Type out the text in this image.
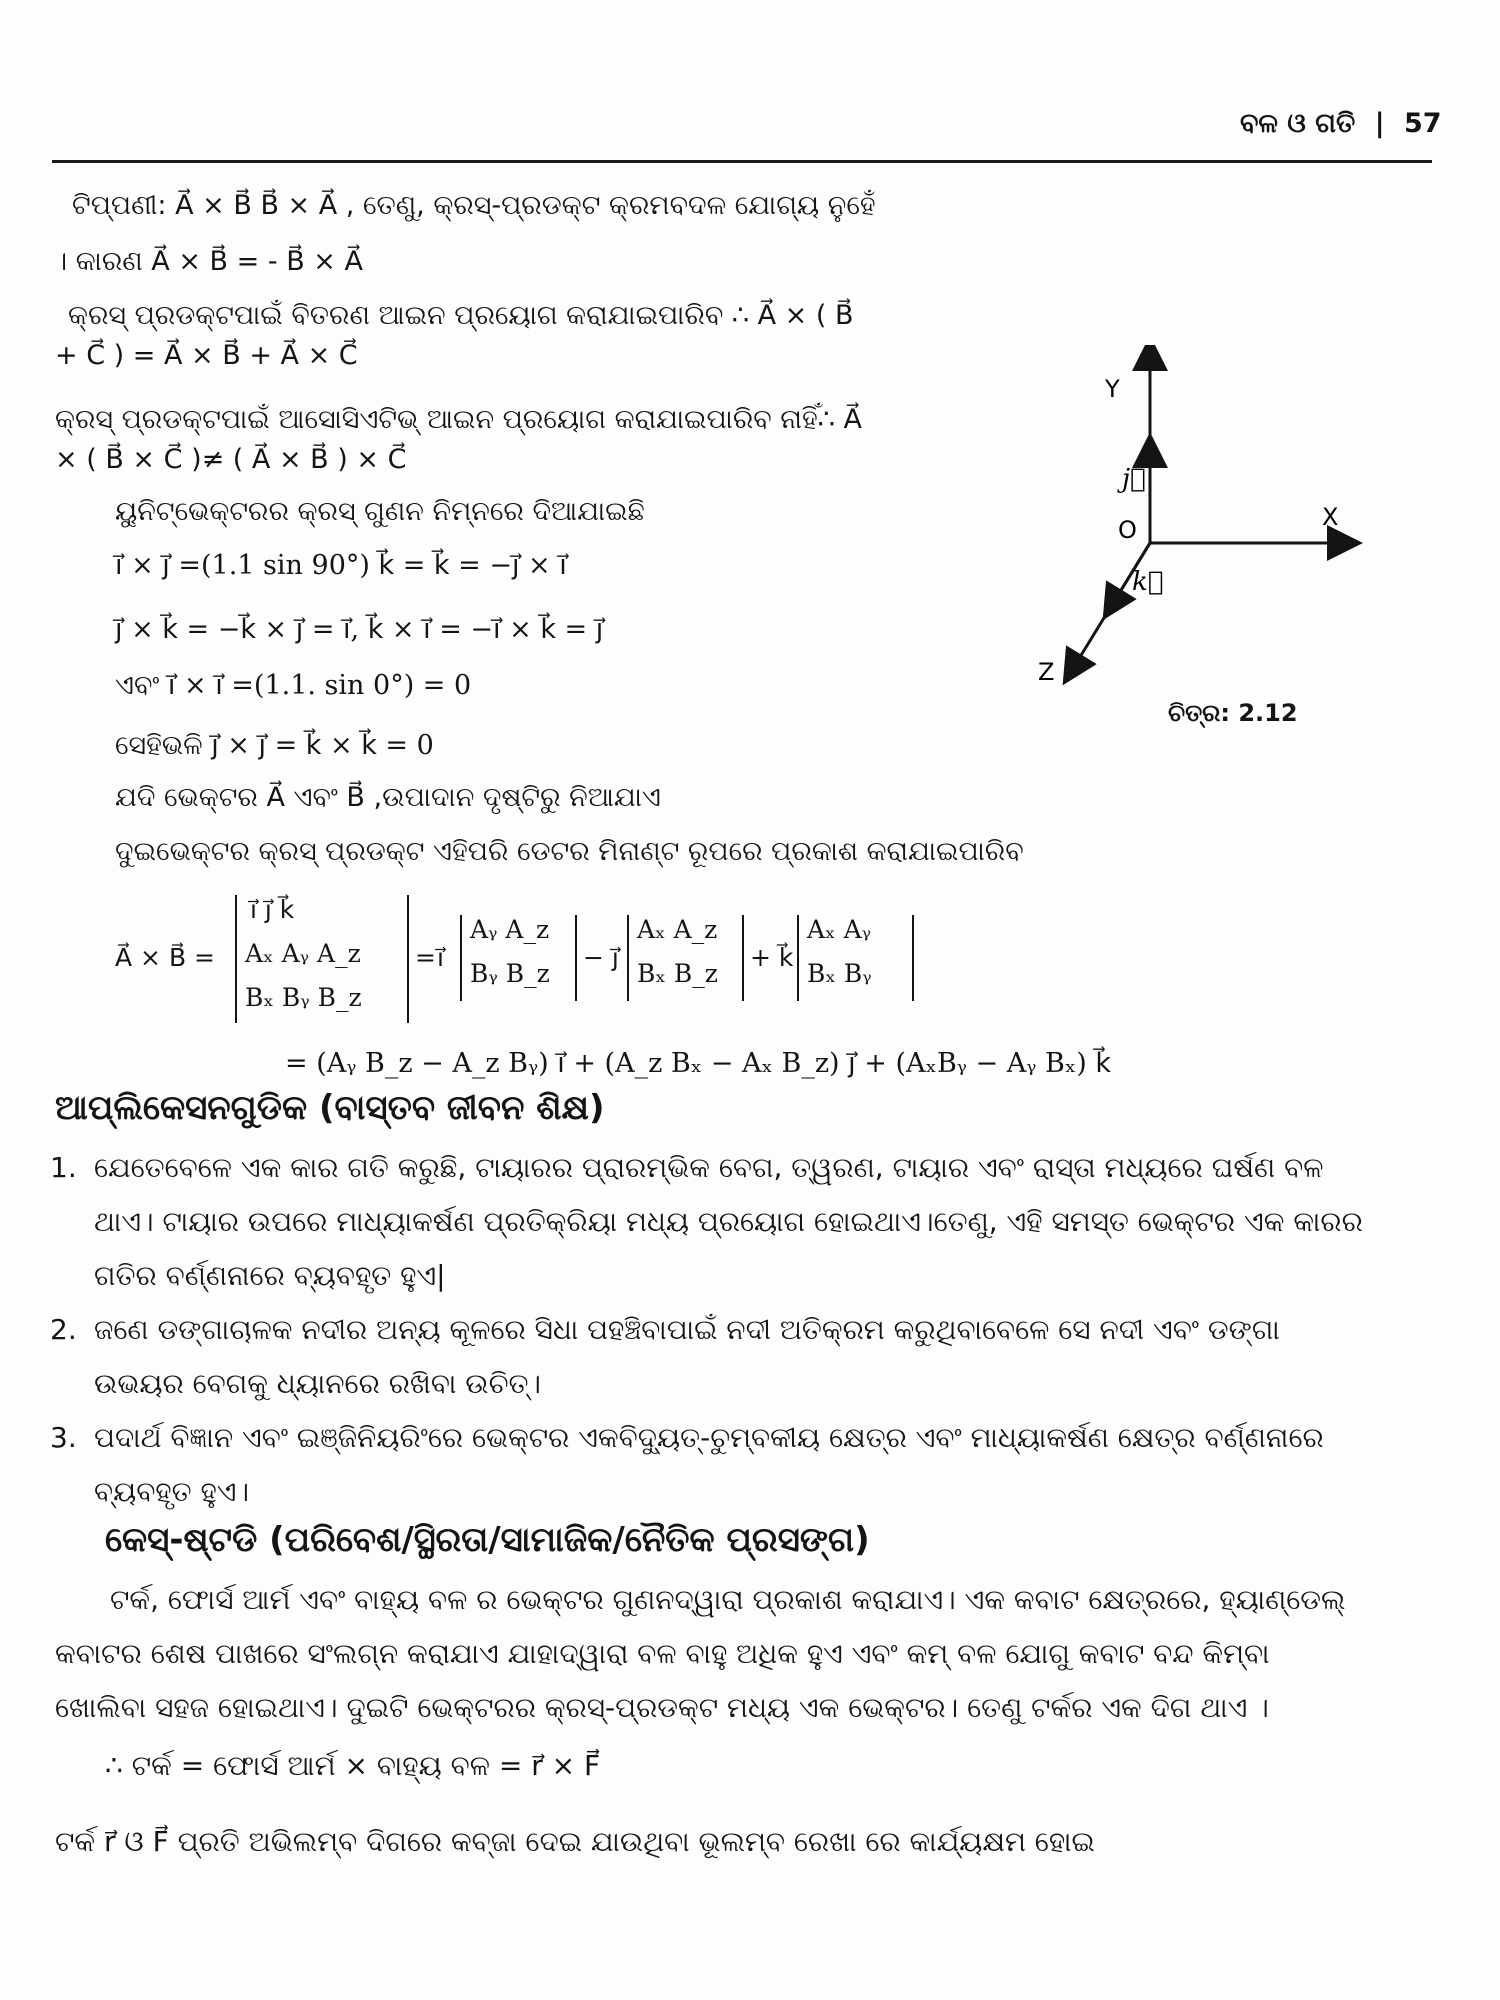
ବଳ ଓ ଗତି | 57
ଟିପ୍ପଣୀ: A⃗ × B⃗ B⃗ × A⃗ , ତେଣୁ, କ୍ରସ୍-ପ୍ରଡକ୍ଟ କ୍ରମବଦଳ ଯୋଗ୍ୟ ନୁହେଁ
। କାରଣ A⃗ × B⃗ = - B⃗ × A⃗
କ୍ରସ୍ ପ୍ରଡକ୍ଟପାଇଁ ବିତରଣ ଆଇନ ପ୍ରୟୋଗ କରାଯାଇପାରିବ ∴ A⃗ × ( B⃗
+ C⃗ ) = A⃗ × B⃗ + A⃗ × C⃗
କ୍ରସ୍ ପ୍ରଡକ୍ଟପାଇଁ ଆସୋସିଏଟିଭ୍ ଆଇନ ପ୍ରୟୋଗ କରାଯାଇପାରିବ ନାହିଁ∴ A⃗
× ( B⃗ × C⃗ )≠ ( A⃗ × B⃗ ) × C⃗
ୟୁନିଟ୍‌ଭେକ୍ଟରର କ୍ରସ୍ ଗୁଣନ ନିମ୍ନରେ ଦିଆଯାଇଛି
i⃗ × j⃗ =(1.1 sin 90°) k⃗ = k⃗ = −j⃗ × i⃗
j⃗ × k⃗ = −k⃗ × j⃗ = i⃗, k⃗ × i⃗ = −i⃗ × k⃗ = j⃗
ଏବଂ i⃗ × i⃗ =(1.1. sin 0°) = 0
ସେହିଭଳି j⃗ × j⃗ = k⃗ × k⃗ = 0
ଯଦି ଭେକ୍ଟର A⃗ ଏବଂ B⃗ ,ଉପାଦାନ ଦୃଷ୍ଟିରୁ ନିଆଯାଏ
ଦୁଇଭେକ୍ଟର କ୍ରସ୍ ପ୍ରଡକ୍ଟ ଏହିପରି ଡେଟର ମିନାଣ୍ଟ ରୂପରେ ପ୍ରକାଶ କରାଯାଇପାରିବ
A⃗ × B⃗ =
i⃗ j⃗ k⃗
Aₓ Aᵧ A_z
Bₓ Bᵧ B_z
= i⃗
Aᵧ A_z
Bᵧ B_z
− j⃗
Aₓ A_z
Bₓ B_z
+ k⃗
Aₓ Aᵧ
Bₓ Bᵧ
= (Aᵧ B_z − A_z Bᵧ) i⃗ + (A_z Bₓ − Aₓ B_z) j⃗ + (AₓBᵧ − Aᵧ Bₓ) k⃗
Y
X
Z
O
j⃗
k⃗
ଚିତ୍ର: 2.12
ଆପ୍ଲିକେସନଗୁଡିକ (ବାସ୍ତବ ଜୀବନ ଶିକ୍ଷ)
1. ଯେତେବେଳେ ଏକ କାର ଗତି କରୁଛି, ଟାୟାରର ପ୍ରାରମ୍ଭିକ ବେଗ, ତ୍ୱରଣ, ଟାୟାର ଏବଂ ରାସ୍ତା ମଧ୍ୟରେ ଘର୍ଷଣ ବଳ
ଥାଏ। ଟାୟାର ଉପରେ ମାଧ୍ୟାକର୍ଷଣ ପ୍ରତିକ୍ରିୟା ମଧ୍ୟ ପ୍ରୟୋଗ ହୋଇଥାଏ।ତେଣୁ, ଏହି ସମସ୍ତ ଭେକ୍ଟର ଏକ କାରର
ଗତିର ବର୍ଣ୍ଣନାରେ ବ୍ୟବହୃତ ହୁଏ|
2. ଜଣେ ଡଙ୍ଗାଚାଳକ ନଦୀର ଅନ୍ୟ କୂଳରେ ସିଧା ପହଞ୍ଚିବାପାଇଁ ନଦୀ ଅତିକ୍ରମ କରୁଥିବାବେଳେ ସେ ନଦୀ ଏବଂ ଡଙ୍ଗା
ଉଭୟର ବେଗକୁ ଧ୍ୟାନରେ ରଖିବା ଉଚିତ୍।
3. ପଦାର୍ଥ ବିଜ୍ଞାନ ଏବଂ ଇଞ୍ଜିନିୟରିଂରେ ଭେକ୍ଟର ଏକବିଦ୍ୟୁତ୍-ଚୁମ୍ବକୀୟ କ୍ଷେତ୍ର ଏବଂ ମାଧ୍ୟାକର୍ଷଣ କ୍ଷେତ୍ର ବର୍ଣ୍ଣନାରେ
ବ୍ୟବହୃତ ହୁଏ।
କେସ୍-ଷ୍ଟଡି (ପରିବେଶ/ସ୍ଥିରତା/ସାମାଜିକ/ନୈତିକ ପ୍ରସଙ୍ଗ)
ଟର୍କ, ଫୋର୍ସ ଆର୍ମ ଏବଂ ବାହ୍ୟ ବଳ ର ଭେକ୍ଟର ଗୁଣନଦ୍ୱାରା ପ୍ରକାଶ କରାଯାଏ। ଏକ କବାଟ କ୍ଷେତ୍ରରେ, ହ୍ୟାଣ୍ଡେଲ୍
କବାଟର ଶେଷ ପାଖରେ ସଂଲଗ୍ନ କରାଯାଏ ଯାହାଦ୍ୱାରା ବଳ ବାହୁ ଅଧିକ ହୁଏ ଏବଂ କମ୍ ବଳ ଯୋଗୁ କବାଟ ବନ୍ଦ କିମ୍ବା
ଖୋଲିବା ସହଜ ହୋଇଥାଏ। ଦୁଇଟି ଭେକ୍ଟରର କ୍ରସ୍-ପ୍ରଡକ୍ଟ ମଧ୍ୟ ଏକ ଭେକ୍ଟର। ତେଣୁ ଟର୍କର ଏକ ଦିଗ ଥାଏ ।
∴ ଟର୍କ = ଫୋର୍ସ ଆର୍ମ × ବାହ୍ୟ ବଳ = r⃗ × F⃗
ଟର୍କ r⃗ ଓ F⃗ ପ୍ରତି ଅଭିଲମ୍ବ ଦିଗରେ କବ୍ଜା ଦେଇ ଯାଉଥିବା ଭୂଲମ୍ବ ରେଖା ରେ କାର୍ଯ୍ୟକ୍ଷମ ହୋଇ
